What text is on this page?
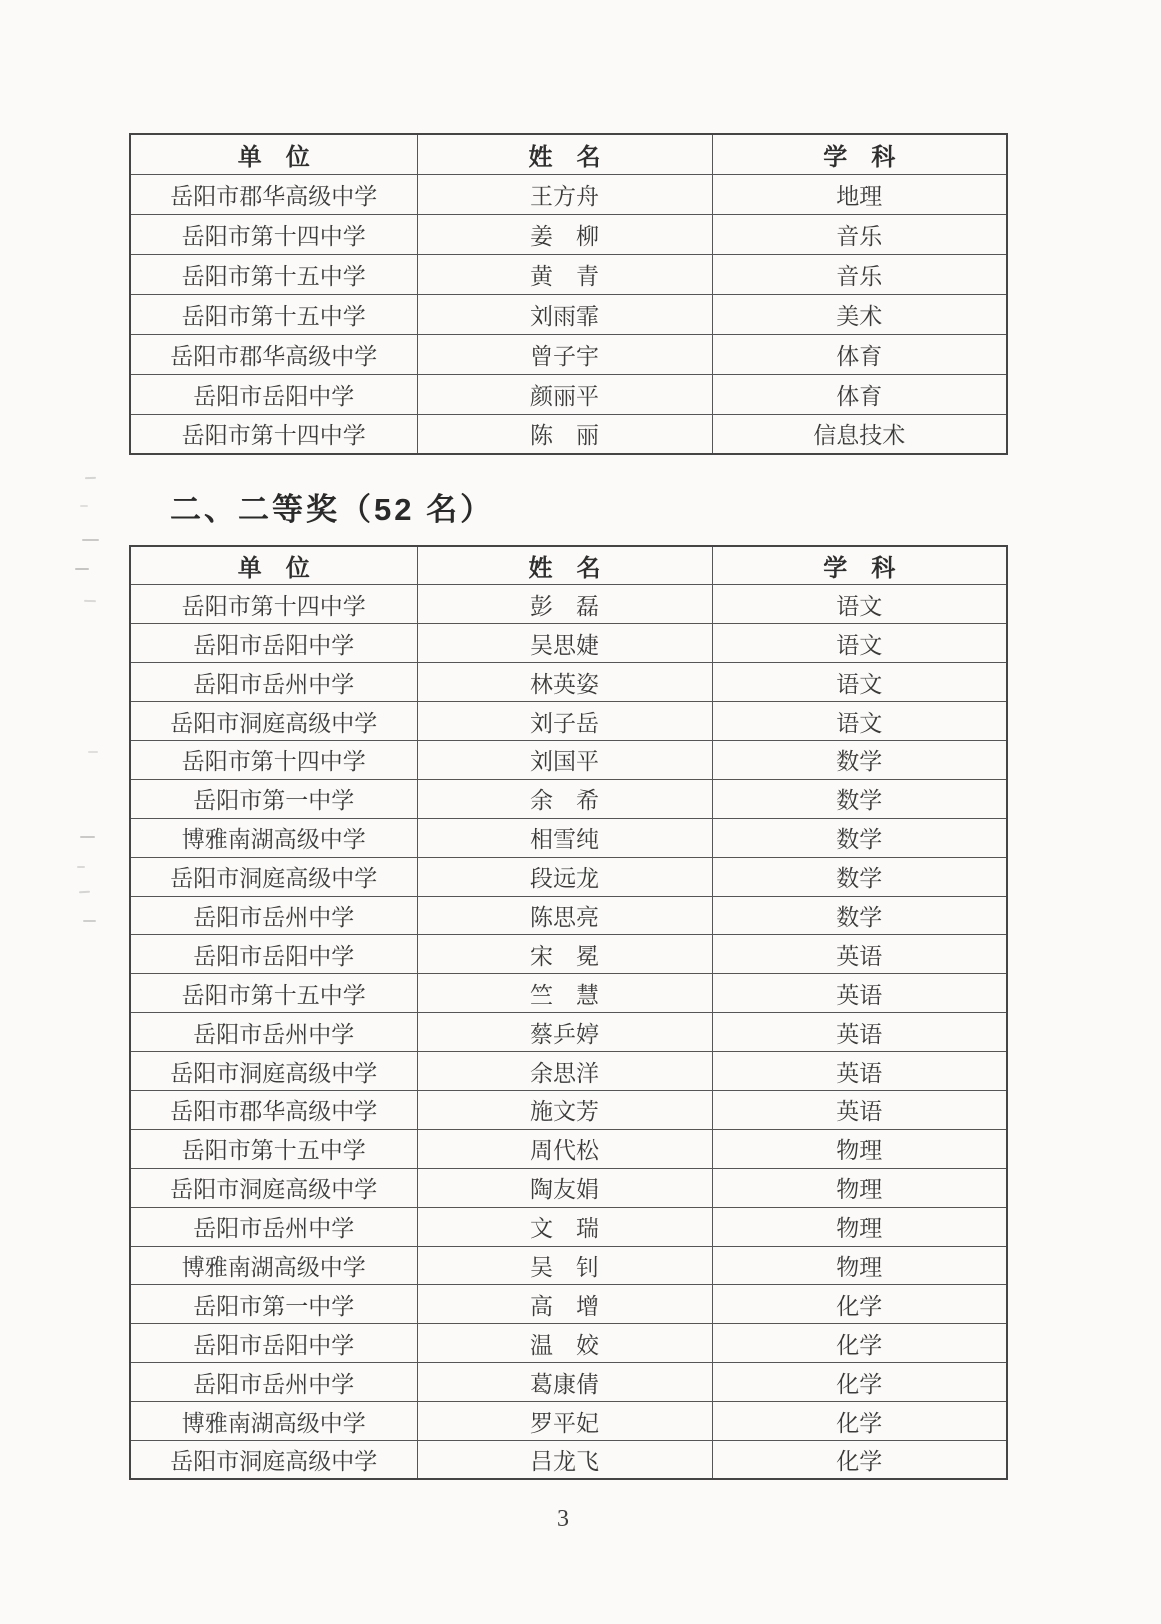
单　位	姓　名	学　科
岳阳市郡华高级中学	王方舟	地理
岳阳市第十四中学	姜　柳	音乐
岳阳市第十五中学	黄　青	音乐
岳阳市第十五中学	刘雨霏	美术
岳阳市郡华高级中学	曾子宇	体育
岳阳市岳阳中学	颜丽平	体育
岳阳市第十四中学	陈　丽	信息技术
二、二等奖（52 名）
单　位	姓　名	学　科
岳阳市第十四中学	彭　磊	语文
岳阳市岳阳中学	吴思婕	语文
岳阳市岳州中学	林英姿	语文
岳阳市洞庭高级中学	刘子岳	语文
岳阳市第十四中学	刘国平	数学
岳阳市第一中学	余　希	数学
博雅南湖高级中学	相雪纯	数学
岳阳市洞庭高级中学	段远龙	数学
岳阳市岳州中学	陈思亮	数学
岳阳市岳阳中学	宋　冕	英语
岳阳市第十五中学	竺　慧	英语
岳阳市岳州中学	蔡乒婷	英语
岳阳市洞庭高级中学	余思洋	英语
岳阳市郡华高级中学	施文芳	英语
岳阳市第十五中学	周代松	物理
岳阳市洞庭高级中学	陶友娟	物理
岳阳市岳州中学	文　瑞	物理
博雅南湖高级中学	吴　钊	物理
岳阳市第一中学	高　增	化学
岳阳市岳阳中学	温　姣	化学
岳阳市岳州中学	葛康倩	化学
博雅南湖高级中学	罗平妃	化学
岳阳市洞庭高级中学	吕龙飞	化学
3
